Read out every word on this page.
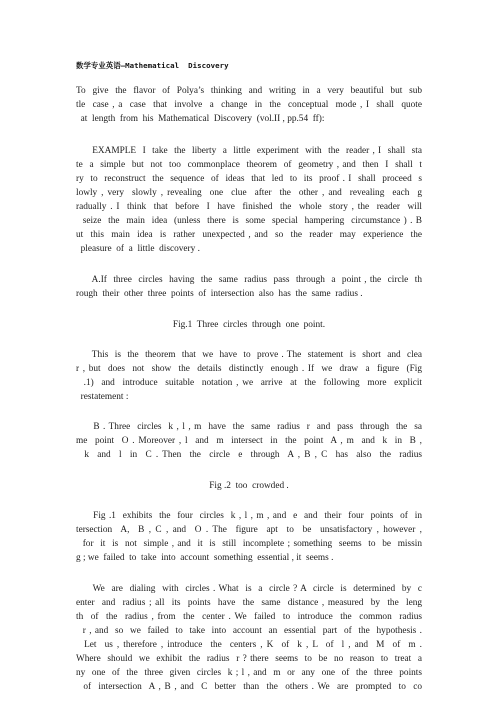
数学专业英语—Mathematical  Discovery
To  give  the  flavor  of  Polya’s  thinking  and  writing  in  a  very  beautiful  but  sub
tle  case , a  case  that  involve  a  change  in  the  conceptual  mode , I  shall  quote
at  length  from  his  Mathematical  Discovery  (vol.II , pp.54  ff):
EXAMPLE  I  take  the  liberty  a  little  experiment  with  the  reader , I  shall  sta
te  a  simple  but  not  too  commonplace  theorem  of  geometry , and  then  I  shall  t
ry  to  reconstruct  the  sequence  of  ideas  that  led  to  its  proof . I  shall  proceed  s
lowly , very  slowly , revealing  one  clue  after  the  other , and  revealing  each  g
radually . I  think  that  before  I  have  finished  the  whole  story , the  reader  will
seize  the  main  idea  (unless  there  is  some  special  hampering  circumstance ) . B
ut  this  main  idea  is  rather  unexpected , and  so  the  reader  may  experience  the
pleasure  of  a  little  discovery .
A.If  three  circles  having  the  same  radius  pass  through  a  point , the  circle  th
rough  their  other  three  points  of  intersection  also  has  the  same  radius .
Fig.1  Three  circles  through  one  point.
This  is  the  theorem  that  we  have  to  prove . The  statement  is  short  and  clea
r , but  does  not  show  the  details  distinctly  enough . If  we  draw  a  figure  (Fig
.1)  and  introduce  suitable  notation , we  arrive  at  the  following  more  explicit
restatement :
B . Three  circles  k , l , m  have  the  same  radius  r  and  pass  through  the  sa
me  point  O . Moreover , l  and  m  intersect  in  the  point  A , m  and  k  in  B ,
k  and  l  in  C . Then  the  circle  e  through  A , B , C  has  also  the  radius
Fig .2  too  crowded .
Fig .1  exhibits  the  four  circles  k , l , m , and  e  and  their  four  points  of  in
tersection  A,  B , C , and  O . The  figure  apt  to  be  unsatisfactory , however ,
for  it  is  not  simple , and  it  is  still  incomplete ; something  seems  to  be  missin
g ; we  failed  to  take  into  account  something  essential , it  seems .
We  are  dialing  with  circles . What  is  a  circle ? A  circle  is  determined  by  c
enter  and  radius ; all  its  points  have  the  same  distance , measured  by  the  leng
th  of  the  radius , from  the  center . We  failed  to  introduce  the  common  radius
r , and  so  we  failed  to  take  into  account  an  essential  part  of  the  hypothesis .
Let  us , therefore , introduce  the  centers , K  of  k , L  of  l , and  M  of  m .
Where  should  we  exhibit  the  radius  r ? there  seems  to  be  no  reason  to  treat  a
ny  one  of  the  three  given  circles  k ; l , and  m  or  any  one  of  the  three  points
of  intersection  A , B , and  C  better  than  the  others . We  are  prompted  to  co
